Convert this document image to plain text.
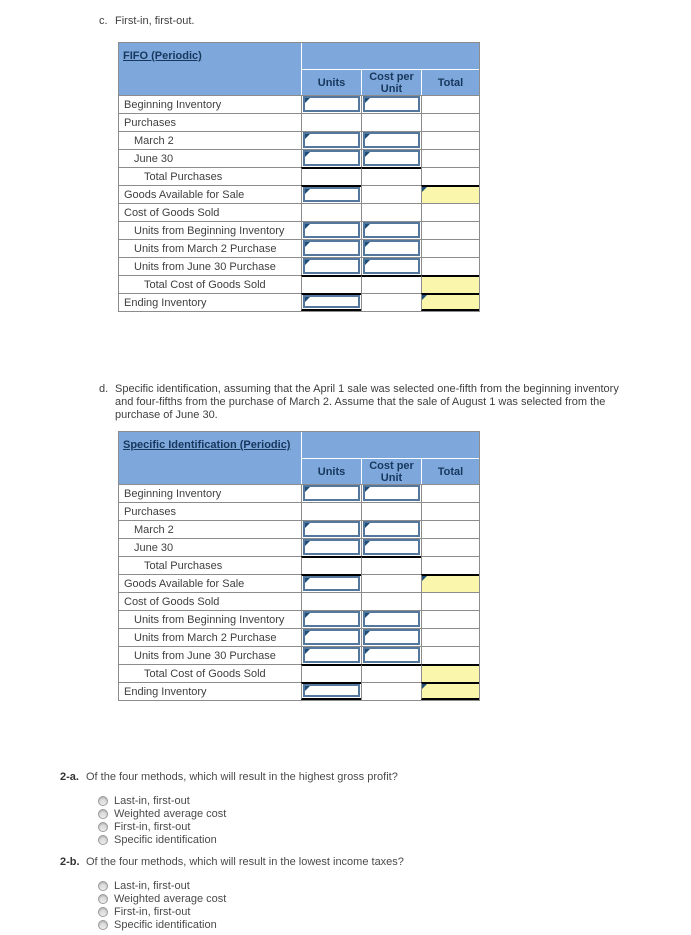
c. First-in, first-out.
FIFO (Periodic)
Units	Cost per Unit	Total
Beginning Inventory
Purchases
March 2
June 30
Total Purchases
Goods Available for Sale
Cost of Goods Sold
Units from Beginning Inventory
Units from March 2 Purchase
Units from June 30 Purchase
Total Cost of Goods Sold
Ending Inventory
d. Specific identification, assuming that the April 1 sale was selected one-fifth from the beginning inventory and four-fifths from the purchase of March 2. Assume that the sale of August 1 was selected from the purchase of June 30.
Specific Identification (Periodic)
Units	Cost per Unit	Total
Beginning Inventory
Purchases
March 2
June 30
Total Purchases
Goods Available for Sale
Cost of Goods Sold
Units from Beginning Inventory
Units from March 2 Purchase
Units from June 30 Purchase
Total Cost of Goods Sold
Ending Inventory
2-a. Of the four methods, which will result in the highest gross profit?
Last-in, first-out
Weighted average cost
First-in, first-out
Specific identification
2-b. Of the four methods, which will result in the lowest income taxes?
Last-in, first-out
Weighted average cost
First-in, first-out
Specific identification
